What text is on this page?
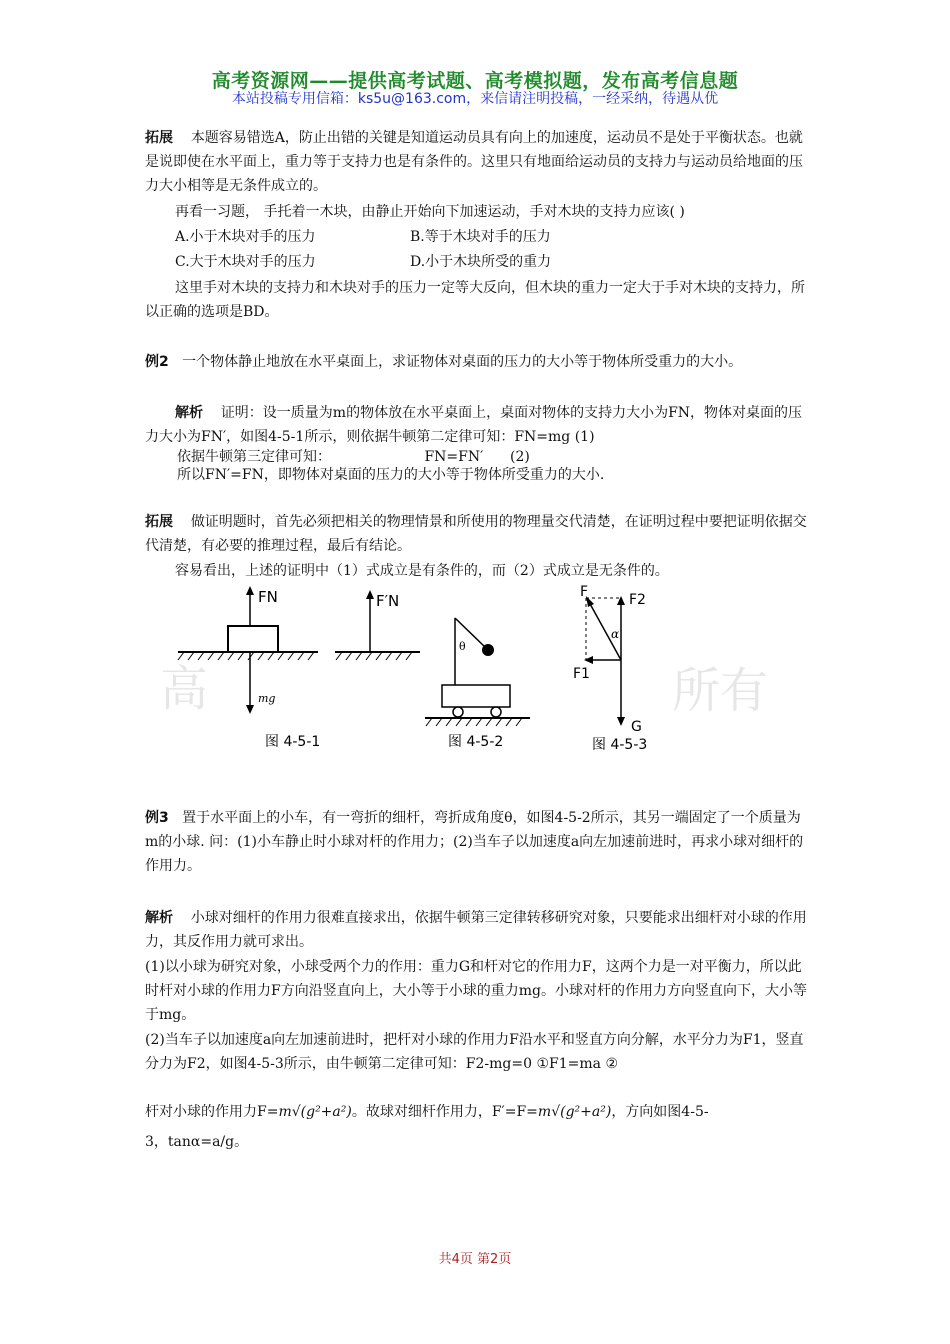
高考资源网——提供高考试题、高考模拟题，发布高考信息题
本站投稿专用信箱：ks5u@163.com，来信请注明投稿，一经采纳，待遇从优

拓展 本题容易错选A，防止出错的关键是知道运动员具有向上的加速度，运动员不是处于平衡状态。也就是说即使在水平面上，重力等于支持力也是有条件的。这里只有地面给运动员的支持力与运动员给地面的压力大小相等是无条件成立的。

再看一习题， 手托着一木块，由静止开始向下加速运动，手对木块的支持力应该( )

A.小于木块对手的压力	B.等于木块对手的压力
C.大于木块对手的压力	D.小于木块所受的重力

这里手对木块的支持力和木块对手的压力一定等大反向，但木块的重力一定大于手对木块的支持力，所以正确的选项是BD。

例2 一个物体静止地放在水平桌面上，求证物体对桌面的压力的大小等于物体所受重力的大小。

解析 证明：设一质量为m的物体放在水平桌面上，桌面对物体的支持力大小为FN，物体对桌面的压力大小为FN′，如图4-5-1所示，则依据牛顿第二定律可知：FN=mg (1)

依据牛顿第三定律可知：                     FN=FN′      (2)

所以FN′=FN，即物体对桌面的压力的大小等于物体所受重力的大小.

拓展 做证明题时，首先必须把相关的物理情景和所使用的物理量交代清楚，在证明过程中要把证明依据交代清楚，有必要的推理过程，最后有结论。

容易看出，上述的证明中（1）式成立是有条件的，而（2）式成立是无条件的。

高	所有
FN
mg
F′N
图 4-5-1
θ
图 4-5-2
G
F2
F
F1
α
图 4-5-3

例3 置于水平面上的小车，有一弯折的细杆，弯折成角度θ，如图4-5-2所示，其另一端固定了一个质量为m的小球. 问：(1)小车静止时小球对杆的作用力；(2)当车子以加速度a向左加速前进时，再求小球对细杆的作用力。

解析 小球对细杆的作用力很难直接求出，依据牛顿第三定律转移研究对象，只要能求出细杆对小球的作用力，其反作用力就可求出。

(1)以小球为研究对象，小球受两个力的作用：重力G和杆对它的作用力F，这两个力是一对平衡力，所以此时杆对小球的作用力F方向沿竖直向上，大小等于小球的重力mg。小球对杆的作用力方向竖直向下，大小等于mg。

(2)当车子以加速度a向左加速前进时，把杆对小球的作用力F沿水平和竖直方向分解，水平分力为F1，竖直分力为F2，如图4-5-3所示，由牛顿第二定律可知：F2-mg=0 ①F1=ma ②

杆对小球的作用力F=m√(g²+a²)。故球对细杆作用力，F′=F=m√(g²+a²)，方向如图4-5-

3，tanα=a/g。

共4页 第2页
